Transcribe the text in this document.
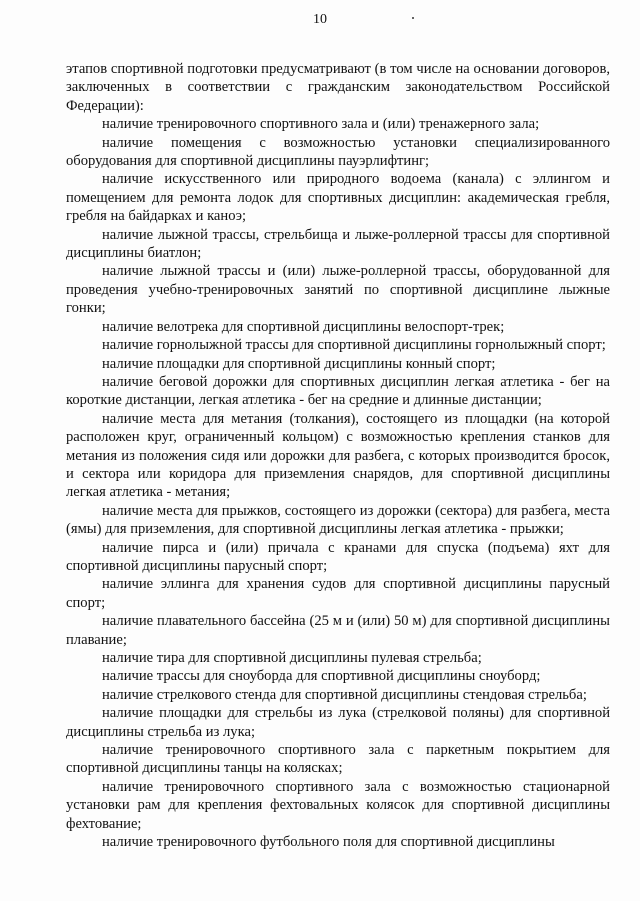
10

этапов спортивной подготовки предусматривают (в том числе на основании договоров, заключенных в соответствии с гражданским законодательством Российской Федерации):

наличие тренировочного спортивного зала и (или) тренажерного зала;

наличие помещения с возможностью установки специализированного оборудования для спортивной дисциплины пауэрлифтинг;

наличие искусственного или природного водоема (канала) с эллингом и помещением для ремонта лодок для спортивных дисциплин: академическая гребля, гребля на байдарках и каноэ;

наличие лыжной трассы, стрельбища и лыже-роллерной трассы для спортивной дисциплины биатлон;

наличие лыжной трассы и (или) лыже-роллерной трассы, оборудованной для проведения учебно-тренировочных занятий по спортивной дисциплине лыжные гонки;

наличие велотрека для спортивной дисциплины велоспорт-трек;

наличие горнолыжной трассы для спортивной дисциплины горнолыжный спорт;

наличие площадки для спортивной дисциплины конный спорт;

наличие беговой дорожки для спортивных дисциплин легкая атлетика - бег на короткие дистанции, легкая атлетика - бег на средние и длинные дистанции;

наличие места для метания (толкания), состоящего из площадки (на которой расположен круг, ограниченный кольцом) с возможностью крепления станков для метания из положения сидя или дорожки для разбега, с которых производится бросок, и сектора или коридора для приземления снарядов, для спортивной дисциплины легкая атлетика - метания;

наличие места для прыжков, состоящего из дорожки (сектора) для разбега, места (ямы) для приземления, для спортивной дисциплины легкая атлетика - прыжки;

наличие пирса и (или) причала с кранами для спуска (подъема) яхт для спортивной дисциплины парусный спорт;

наличие эллинга для хранения судов для спортивной дисциплины парусный спорт;

наличие плавательного бассейна (25 м и (или) 50 м) для спортивной дисциплины плавание;

наличие тира для спортивной дисциплины пулевая стрельба;

наличие трассы для сноуборда для спортивной дисциплины сноуборд;

наличие стрелкового стенда для спортивной дисциплины стендовая стрельба;

наличие площадки для стрельбы из лука (стрелковой поляны) для спортивной дисциплины стрельба из лука;

наличие тренировочного спортивного зала с паркетным покрытием для спортивной дисциплины танцы на колясках;

наличие тренировочного спортивного зала с возможностью стационарной установки рам для крепления фехтовальных колясок для спортивной дисциплины фехтование;

наличие тренировочного футбольного поля для спортивной дисциплины
